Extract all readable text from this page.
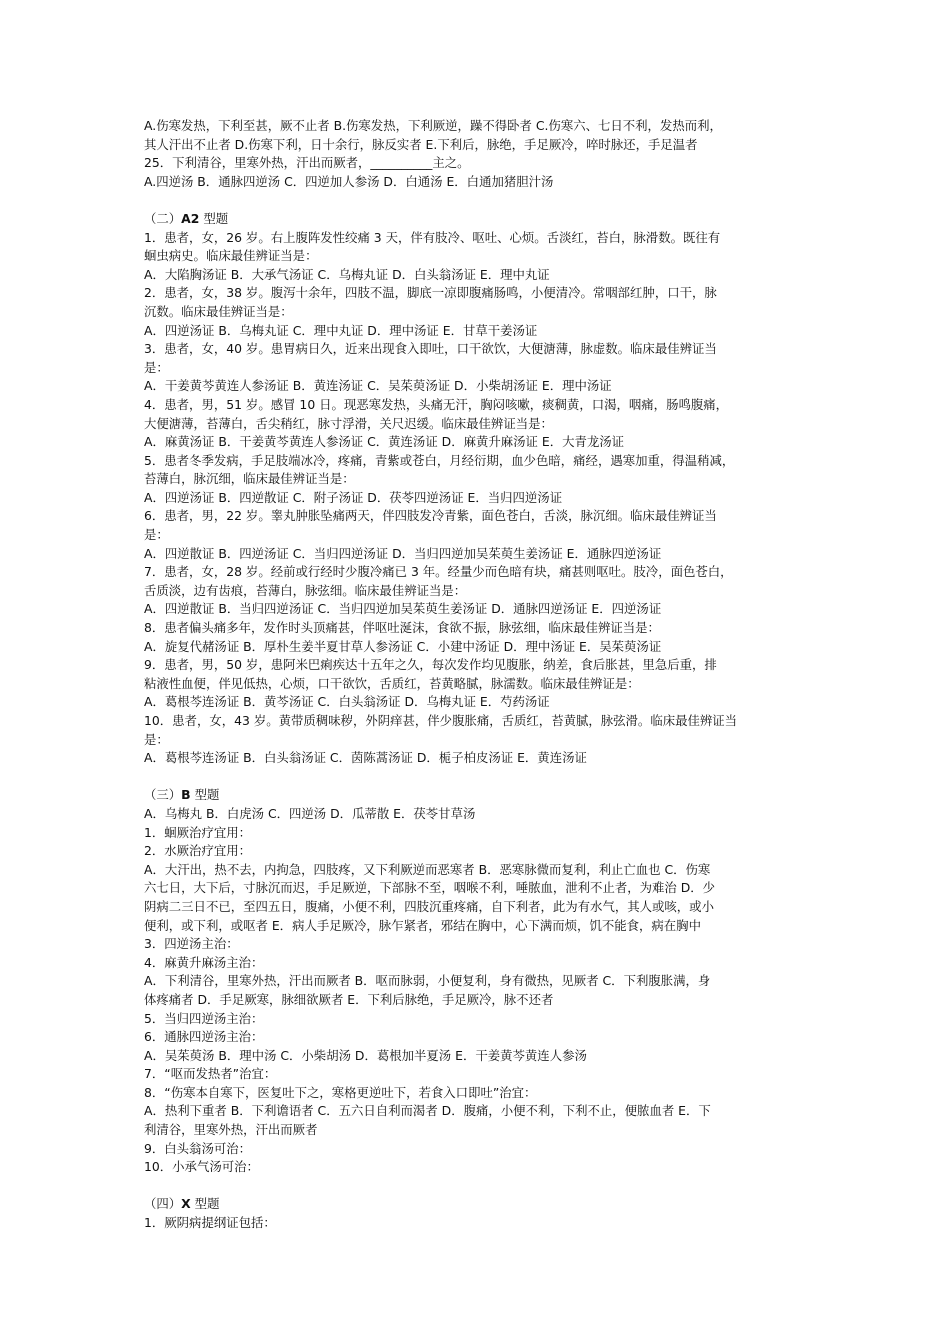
A.伤寒发热，下利至甚，厥不止者 B.伤寒发热，下利厥逆，躁不得卧者 C.伤寒六、七日不利，发热而利，
其人汗出不止者 D.伤寒下利，日十余行，脉反实者 E.下利后，脉绝，手足厥冷，啐时脉还，手足温者
25．下利清谷，里寒外热，汗出而厥者，__________主之。
A.四逆汤 B．通脉四逆汤 C．四逆加人参汤 D．白通汤 E．白通加猪胆汁汤
（二）A2 型题
1．患者，女，26 岁。右上腹阵发性绞痛 3 天，伴有肢冷、呕吐、心烦。舌淡红，苔白，脉滑数。既往有
蛔虫病史。临床最佳辨证当是：
A．大陷胸汤证 B．大承气汤证 C．乌梅丸证 D．白头翁汤证 E．理中丸证
2．患者，女，38 岁。腹泻十余年，四肢不温，脚底一凉即腹痛肠鸣，小便清冷。常咽部红肿，口干，脉
沉数。临床最佳辨证当是：
A．四逆汤证 B．乌梅丸证 C．理中丸证 D．理中汤证 E．甘草干姜汤证
3．患者，女，40 岁。患胃病日久，近来出现食入即吐，口干欲饮，大便溏薄，脉虚数。临床最佳辨证当
是：
A．干姜黄芩黄连人参汤证 B．黄连汤证 C．吴茱萸汤证 D．小柴胡汤证 E．理中汤证
4．患者，男，51 岁。感冒 10 日。现恶寒发热，头痛无汗，胸闷咳嗽，痰稠黄，口渴，咽痛，肠鸣腹痛，
大便溏薄，苔薄白，舌尖稍红，脉寸浮滑，关尺迟缓。临床最佳辨证当是：
A．麻黄汤证 B．干姜黄芩黄连人参汤证 C．黄连汤证 D．麻黄升麻汤证 E．大青龙汤证
5．患者冬季发病，手足肢端冰冷，疼痛，青紫或苍白，月经衍期，血少色暗，痛经，遇寒加重，得温稍减，
苔薄白，脉沉细，临床最佳辨证当是：
A．四逆汤证 B．四逆散证 C．附子汤证 D．茯苓四逆汤证 E．当归四逆汤证
6．患者，男，22 岁。睾丸肿胀坠痛两天，伴四肢发冷青紫，面色苍白，舌淡，脉沉细。临床最佳辨证当
是：
A．四逆散证 B．四逆汤证 C．当归四逆汤证 D．当归四逆加吴茱萸生姜汤证 E．通脉四逆汤证
7．患者，女，28 岁。经前或行经时少腹冷痛已 3 年。经量少而色暗有块，痛甚则呕吐。肢冷，面色苍白，
舌质淡，边有齿痕，苔薄白，脉弦细。临床最佳辨证当是：
A．四逆散证 B．当归四逆汤证 C．当归四逆加吴茱萸生姜汤证 D．通脉四逆汤证 E．四逆汤证
8．患者偏头痛多年，发作时头顶痛甚，伴呕吐涎沫，食欲不振，脉弦细，临床最佳辨证当是：
A．旋复代赭汤证 B．厚朴生姜半夏甘草人参汤证 C．小建中汤证 D．理中汤证 E．吴茱萸汤证
9．患者，男，50 岁，患阿米巴痢疾达十五年之久，每次发作均见腹胀，纳差，食后胀甚，里急后重，排
粘液性血便，伴见低热，心烦，口干欲饮，舌质红，苔黄略腻，脉濡数。临床最佳辨证是：
A．葛根芩连汤证 B．黄芩汤证 C．白头翁汤证 D．乌梅丸证 E．芍药汤证
10．患者，女，43 岁。黄带质稠味秽，外阴痒甚，伴少腹胀痛，舌质红，苔黄腻，脉弦滑。临床最佳辨证当
是：
A．葛根芩连汤证 B．白头翁汤证 C．茵陈蒿汤证 D．栀子柏皮汤证 E．黄连汤证
（三）B 型题
A．乌梅丸 B．白虎汤 C．四逆汤 D．瓜蒂散 E．茯苓甘草汤
1．蛔厥治疗宜用：
2．水厥治疗宜用：
A．大汗出，热不去，内拘急，四肢疼，又下利厥逆而恶寒者 B．恶寒脉微而复利，利止亡血也 C．伤寒
六七日，大下后，寸脉沉而迟，手足厥逆，下部脉不至，咽喉不利，唾脓血，泄利不止者，为难治 D．少
阴病二三日不已，至四五日，腹痛，小便不利，四肢沉重疼痛，自下利者，此为有水气，其人或咳，或小
便利，或下利，或呕者 E．病人手足厥冷，脉乍紧者，邪结在胸中，心下满而烦，饥不能食，病在胸中
3．四逆汤主治：
4．麻黄升麻汤主治：
A．下利清谷，里寒外热，汗出而厥者 B．呕而脉弱，小便复利，身有微热，见厥者 C．下利腹胀满，身
体疼痛者 D．手足厥寒，脉细欲厥者 E．下利后脉绝，手足厥冷，脉不还者
5．当归四逆汤主治：
6．通脉四逆汤主治：
A．吴茱萸汤 B．理中汤 C．小柴胡汤 D．葛根加半夏汤 E．干姜黄芩黄连人参汤
7．“呕而发热者”治宜：
8．“伤寒本自寒下，医复吐下之，寒格更逆吐下，若食入口即吐”治宜：
A．热利下重者 B．下利谵语者 C．五六日自利而渴者 D．腹痛，小便不利，下利不止，便脓血者 E．下
利清谷，里寒外热，汗出而厥者
9．白头翁汤可治：
10．小承气汤可治：
（四）X 型题
1．厥阴病提纲证包括：
